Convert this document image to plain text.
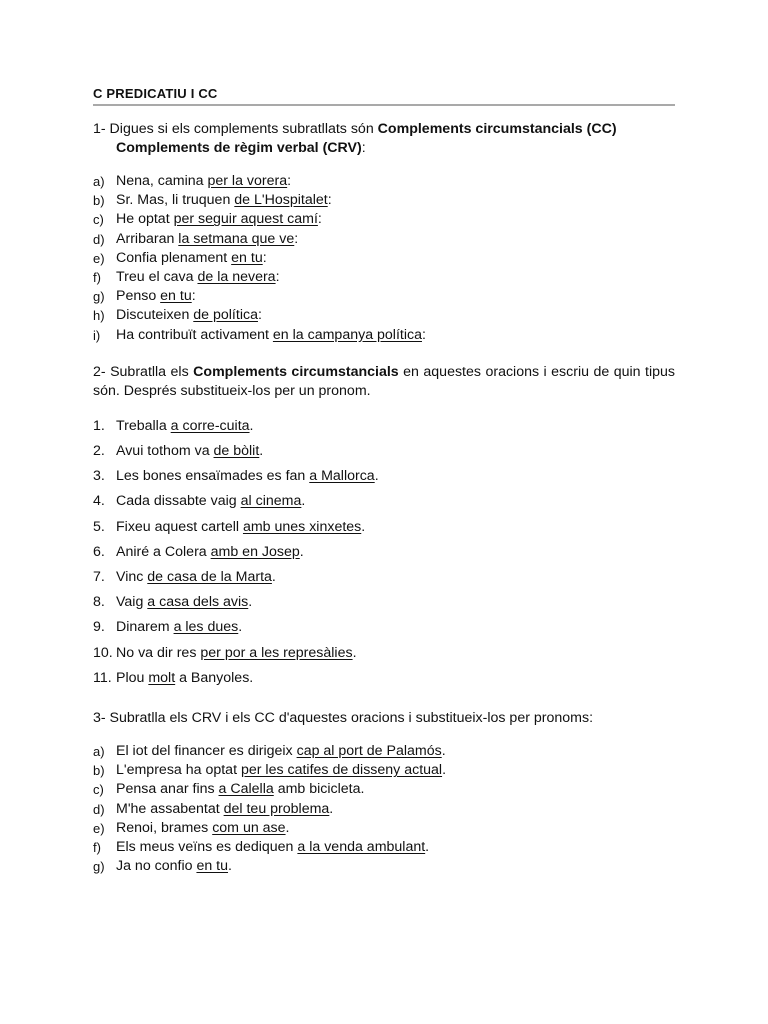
C PREDICATIU I CC

1- Digues si els complements subratllats són Complements circumstancials (CC)
Complements de règim verbal (CRV):

a) Nena, camina per la vorera:
b) Sr. Mas, li truquen de L'Hospitalet:
c) He optat per seguir aquest camí:
d) Arribaran la setmana que ve:
e) Confia plenament en tu:
f) Treu el cava de la nevera:
g) Penso en tu:
h) Discuteixen de política:
i) Ha contribuït activament en la campanya política:

2- Subratlla els Complements circumstancials en aquestes oracions i escriu de quin tipus són. Després substitueix-los per un pronom.

1. Treballa a corre-cuita.
2. Avui tothom va de bòlit.
3. Les bones ensaïmades es fan a Mallorca.
4. Cada dissabte vaig al cinema.
5. Fixeu aquest cartell amb unes xinxetes.
6. Aniré a Colera amb en Josep.
7. Vinc de casa de la Marta.
8. Vaig a casa dels avis.
9. Dinarem a les dues.
10. No va dir res per por a les represàlies.
11. Plou molt a Banyoles.

3- Subratlla els CRV i els CC d'aquestes oracions i substitueix-los per pronoms:

a) El iot del financer es dirigeix cap al port de Palamós.
b) L'empresa ha optat per les catifes de disseny actual.
c) Pensa anar fins a Calella amb bicicleta.
d) M'he assabentat del teu problema.
e) Renoi, brames com un ase.
f) Els meus veïns es dediquen a la venda ambulant.
g) Ja no confio en tu.
